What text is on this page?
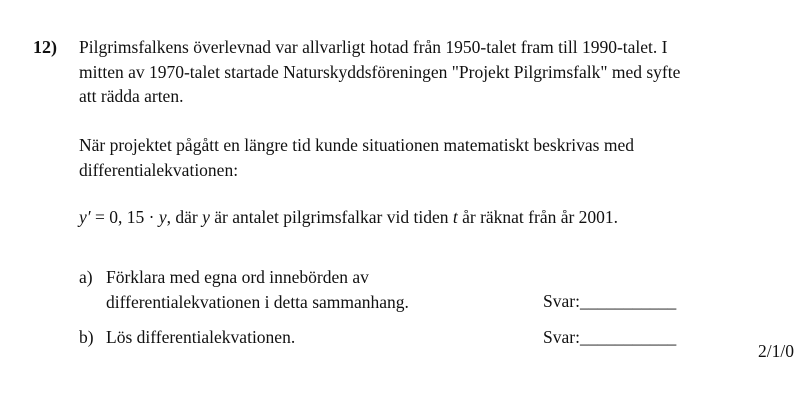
12) Pilgrimsfalkens överlevnad var allvarligt hotad från 1950-talet fram till 1990-talet. I
mitten av 1970-talet startade Naturskyddsföreningen "Projekt Pilgrimsfalk" med syfte
att rädda arten.
När projektet pågått en längre tid kunde situationen matematiskt beskrivas med
differentialekvationen:
y′ = 0, 15 · y, där y är antalet pilgrimsfalkar vid tiden t år räknat från år 2001.
a) Förklara med egna ord innebörden av
differentialekvationen i detta sammanhang.	Svar:___________
b) Lös differentialekvationen.	Svar:___________
2/1/0
